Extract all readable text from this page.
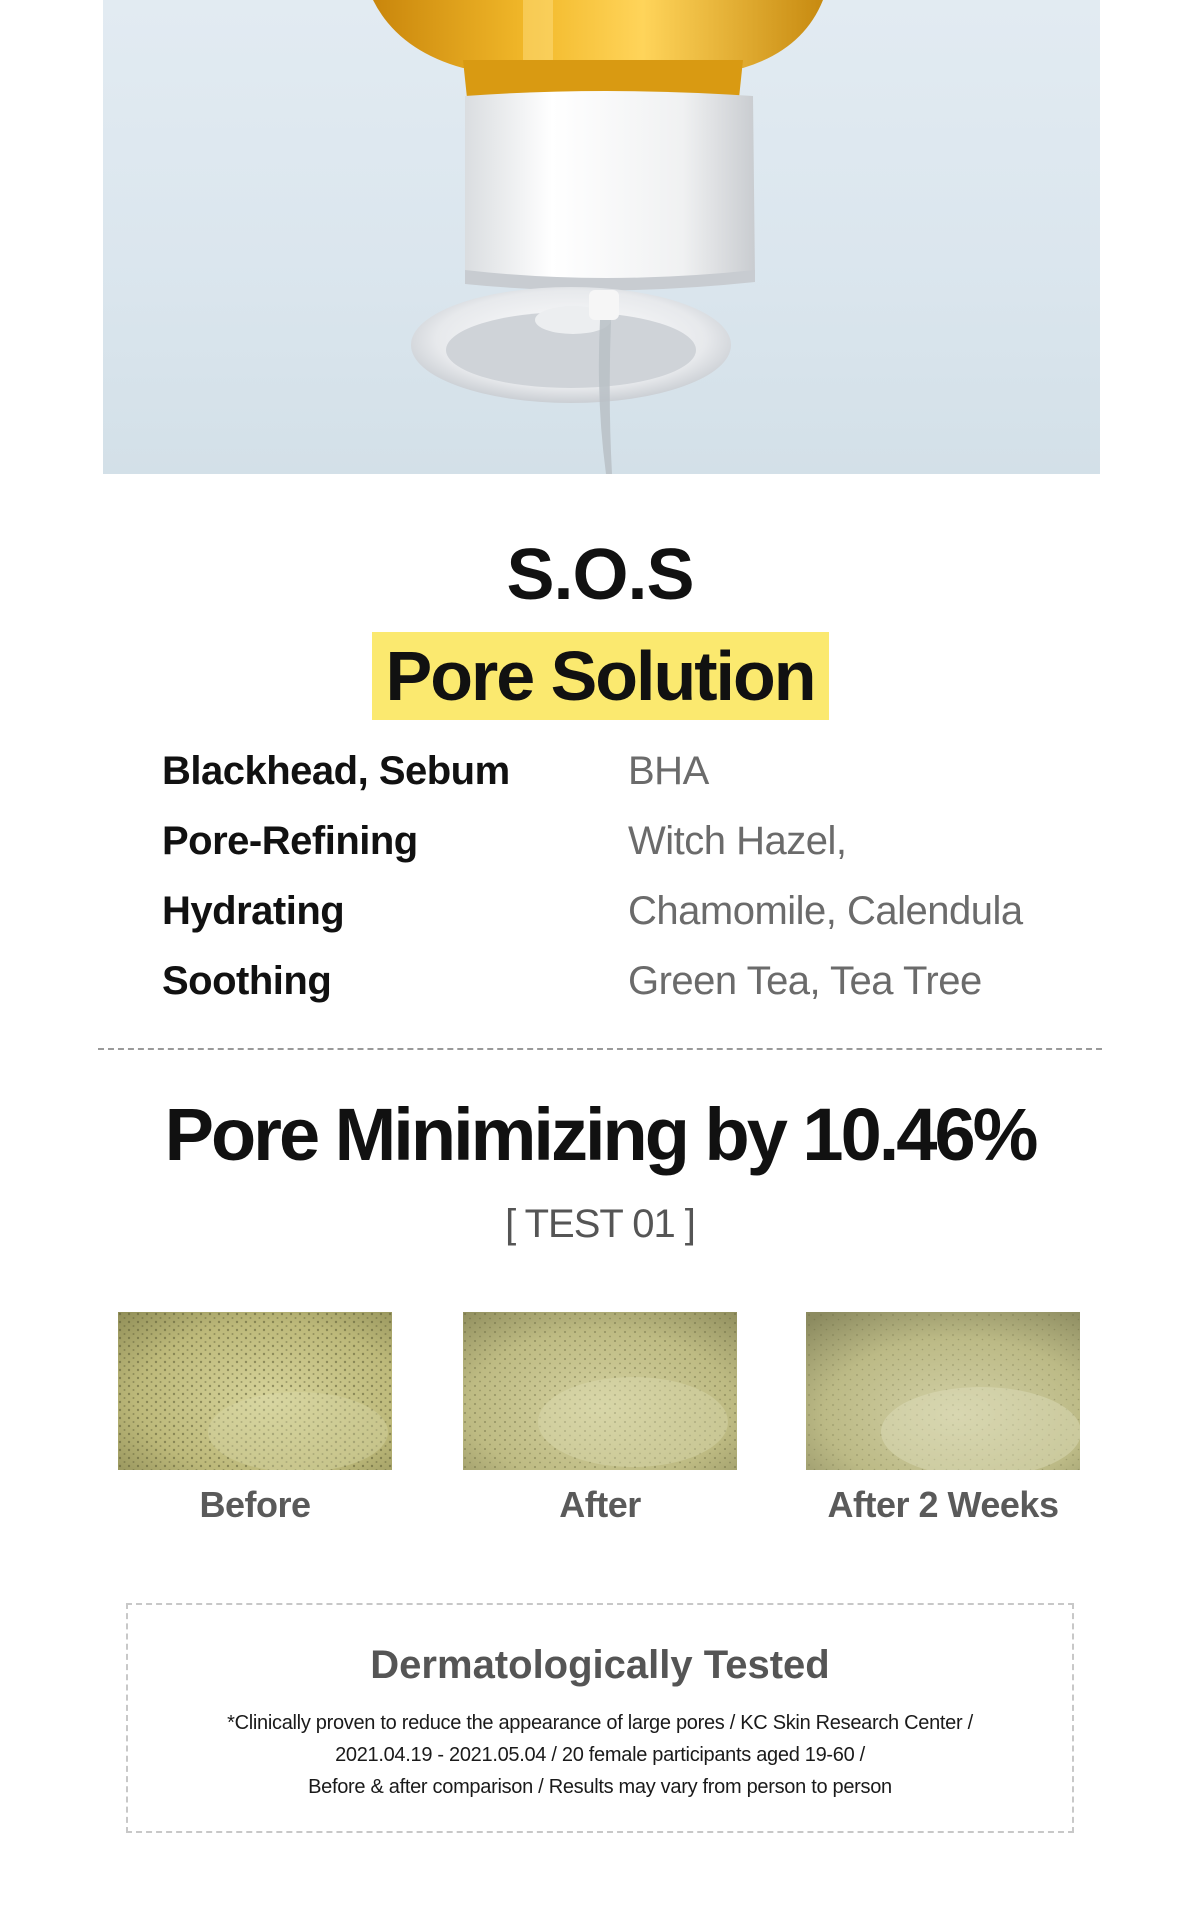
S.O.S
Pore Solution
Blackhead, Sebum	BHA
Pore-Refining	Witch Hazel,
Hydrating	Chamomile, Calendula
Soothing	Green Tea, Tea Tree
Pore Minimizing by 10.46%
[ TEST 01 ]
Before	After	After 2 Weeks
Dermatologically Tested
*Clinically proven to reduce the appearance of large pores / KC Skin Research Center /
2021.04.19 - 2021.05.04 / 20 female participants aged 19-60 /
Before & after comparison / Results may vary from person to person
